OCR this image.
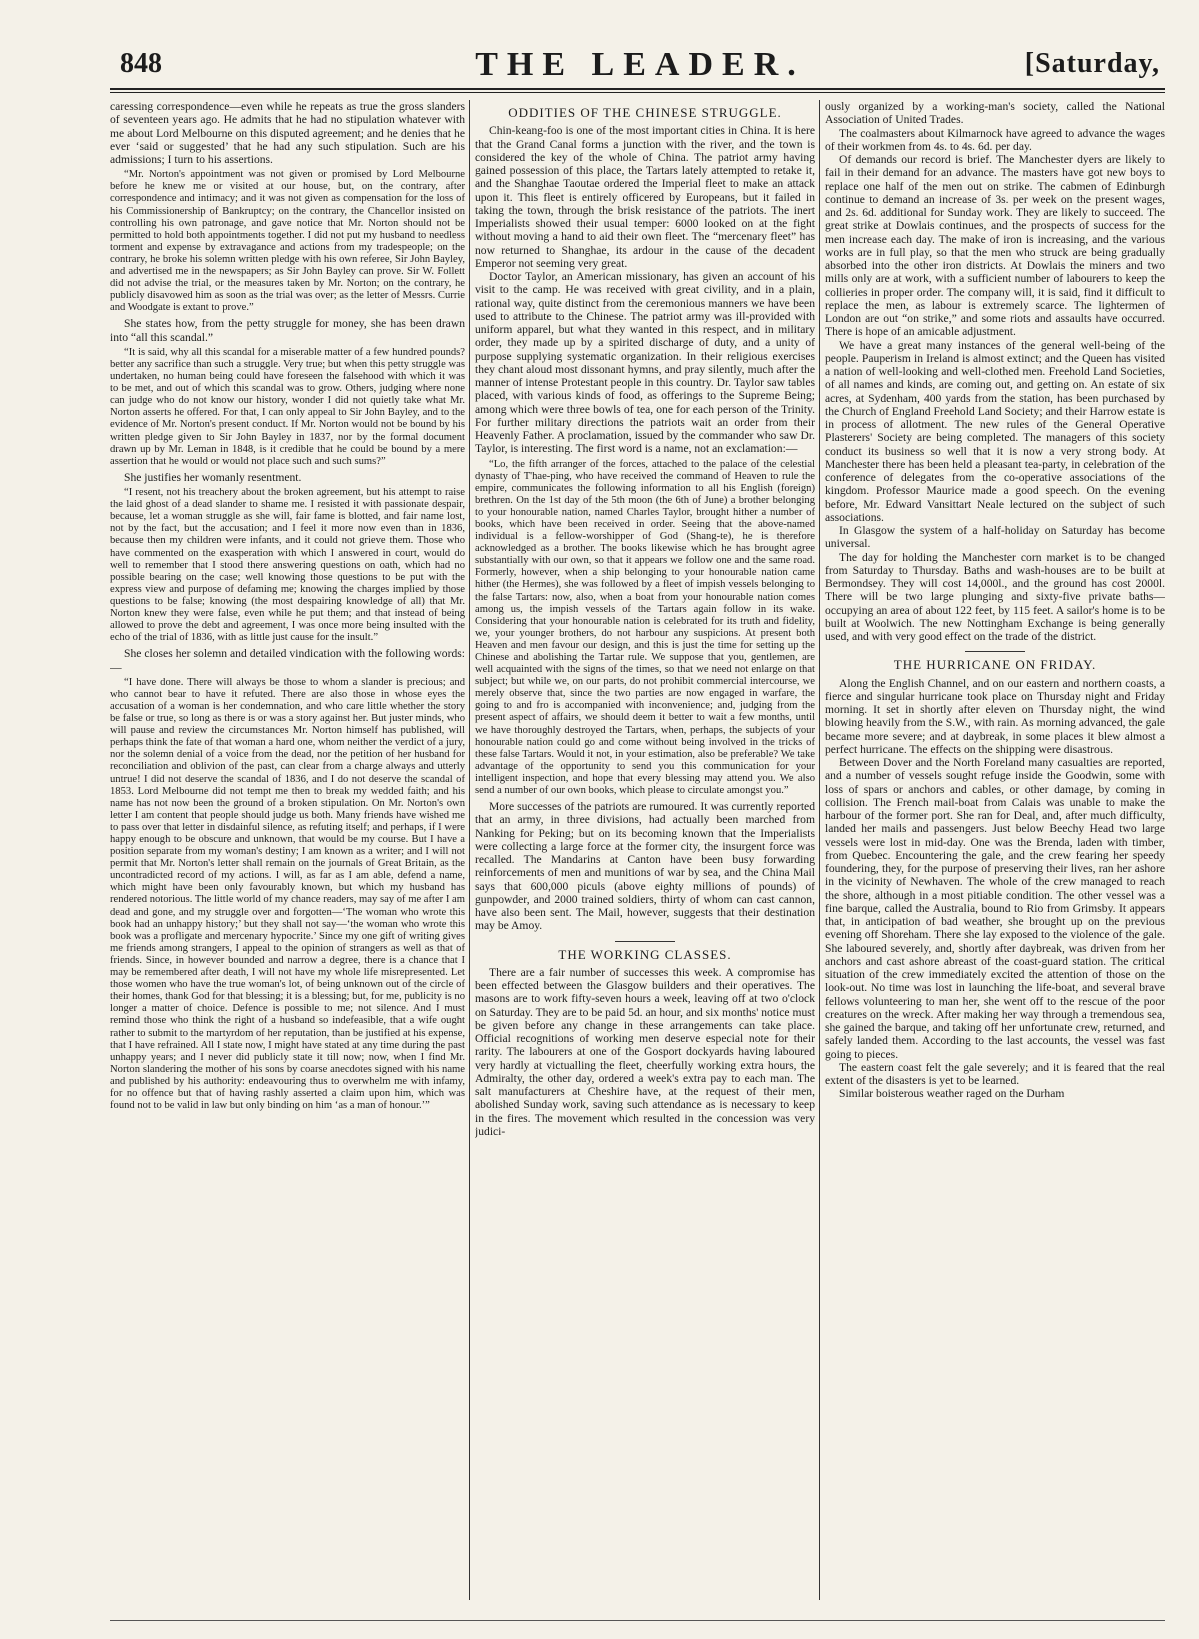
848	THE LEADER.	[Saturday,

caressing correspondence—even while he repeats as true the gross slanders of seventeen years ago. He admits that he had no stipulation whatever with me about Lord Melbourne on this disputed agreement; and he denies that he ever ‘said or suggested’ that he had any such stipulation. Such are his admissions; I turn to his assertions.

“Mr. Norton's appointment was not given or promised by Lord Melbourne before he knew me or visited at our house, but, on the contrary, after correspondence and intimacy; and it was not given as compensation for the loss of his Commissionership of Bankruptcy; on the contrary, the Chancellor insisted on controlling his own patronage, and gave notice that Mr. Norton should not be permitted to hold both appointments together. I did not put my husband to needless torment and expense by extravagance and actions from my tradespeople; on the contrary, he broke his solemn written pledge with his own referee, Sir John Bayley, and advertised me in the newspapers; as Sir John Bayley can prove. Sir W. Follett did not advise the trial, or the measures taken by Mr. Norton; on the contrary, he publicly disavowed him as soon as the trial was over; as the letter of Messrs. Currie and Woodgate is extant to prove.”

She states how, from the petty struggle for money, she has been drawn into “all this scandal.”

“It is said, why all this scandal for a miserable matter of a few hundred pounds? better any sacrifice than such a struggle. Very true; but when this petty struggle was undertaken, no human being could have foreseen the falsehood with which it was to be met, and out of which this scandal was to grow. Others, judging where none can judge who do not know our history, wonder I did not quietly take what Mr. Norton asserts he offered. For that, I can only appeal to Sir John Bayley, and to the evidence of Mr. Norton's present conduct. If Mr. Norton would not be bound by his written pledge given to Sir John Bayley in 1837, nor by the formal document drawn up by Mr. Leman in 1848, is it credible that he could be bound by a mere assertion that he would or would not place such and such sums?”

She justifies her womanly resentment.

“I resent, not his treachery about the broken agreement, but his attempt to raise the laid ghost of a dead slander to shame me. I resisted it with passionate despair, because, let a woman struggle as she will, fair fame is blotted, and fair name lost, not by the fact, but the accusation; and I feel it more now even than in 1836, because then my children were infants, and it could not grieve them. Those who have commented on the exasperation with which I answered in court, would do well to remember that I stood there answering questions on oath, which had no possible bearing on the case; well knowing those questions to be put with the express view and purpose of defaming me; knowing the charges implied by those questions to be false; knowing (the most despairing knowledge of all) that Mr. Norton knew they were false, even while he put them; and that instead of being allowed to prove the debt and agreement, I was once more being insulted with the echo of the trial of 1836, with as little just cause for the insult.”

She closes her solemn and detailed vindication with the following words:—

“I have done. There will always be those to whom a slander is precious; and who cannot bear to have it refuted. There are also those in whose eyes the accusation of a woman is her condemnation, and who care little whether the story be false or true, so long as there is or was a story against her. But juster minds, who will pause and review the circumstances Mr. Norton himself has published, will perhaps think the fate of that woman a hard one, whom neither the verdict of a jury, nor the solemn denial of a voice from the dead, nor the petition of her husband for reconciliation and oblivion of the past, can clear from a charge always and utterly untrue! I did not deserve the scandal of 1836, and I do not deserve the scandal of 1853. Lord Melbourne did not tempt me then to break my wedded faith; and his name has not now been the ground of a broken stipulation. On Mr. Norton's own letter I am content that people should judge us both. Many friends have wished me to pass over that letter in disdainful silence, as refuting itself; and perhaps, if I were happy enough to be obscure and unknown, that would be my course. But I have a position separate from my woman's destiny; I am known as a writer; and I will not permit that Mr. Norton's letter shall remain on the journals of Great Britain, as the uncontradicted record of my actions. I will, as far as I am able, defend a name, which might have been only favourably known, but which my husband has rendered notorious. The little world of my chance readers, may say of me after I am dead and gone, and my struggle over and forgotten—‘The woman who wrote this book had an unhappy history;’ but they shall not say—‘the woman who wrote this book was a profligate and mercenary hypocrite.’ Since my one gift of writing gives me friends among strangers, I appeal to the opinion of strangers as well as that of friends. Since, in however bounded and narrow a degree, there is a chance that I may be remembered after death, I will not have my whole life misrepresented. Let those women who have the true woman's lot, of being unknown out of the circle of their homes, thank God for that blessing; it is a blessing; but, for me, publicity is no longer a matter of choice. Defence is possible to me; not silence. And I must remind those who think the right of a husband so indefeasible, that a wife ought rather to submit to the martyrdom of her reputation, than be justified at his expense, that I have refrained. All I state now, I might have stated at any time during the past unhappy years; and I never did publicly state it till now; now, when I find Mr. Norton slandering the mother of his sons by coarse anecdotes signed with his name and published by his authority: endeavouring thus to overwhelm me with infamy, for no offence but that of having rashly asserted a claim upon him, which was found not to be valid in law but only binding on him ‘as a man of honour.’”

ODDITIES OF THE CHINESE STRUGGLE.

Chin-keang-foo is one of the most important cities in China. It is here that the Grand Canal forms a junction with the river, and the town is considered the key of the whole of China. The patriot army having gained possession of this place, the Tartars lately attempted to retake it, and the Shanghae Taoutae ordered the Imperial fleet to make an attack upon it. This fleet is entirely officered by Europeans, but it failed in taking the town, through the brisk resistance of the patriots. The inert Imperialists showed their usual temper: 6000 looked on at the fight without moving a hand to aid their own fleet. The “mercenary fleet” has now returned to Shanghae, its ardour in the cause of the decadent Emperor not seeming very great.

Doctor Taylor, an American missionary, has given an account of his visit to the camp. He was received with great civility, and in a plain, rational way, quite distinct from the ceremonious manners we have been used to attribute to the Chinese. The patriot army was ill-provided with uniform apparel, but what they wanted in this respect, and in military order, they made up by a spirited discharge of duty, and a unity of purpose supplying systematic organization. In their religious exercises they chant aloud most dissonant hymns, and pray silently, much after the manner of intense Protestant people in this country. Dr. Taylor saw tables placed, with various kinds of food, as offerings to the Supreme Being; among which were three bowls of tea, one for each person of the Trinity. For further military directions the patriots wait an order from their Heavenly Father. A proclamation, issued by the commander who saw Dr. Taylor, is interesting. The first word is a name, not an exclamation:—

“Lo, the fifth arranger of the forces, attached to the palace of the celestial dynasty of T'hae-ping, who have received the command of Heaven to rule the empire, communicates the following information to all his English (foreign) brethren. On the 1st day of the 5th moon (the 6th of June) a brother belonging to your honourable nation, named Charles Taylor, brought hither a number of books, which have been received in order. Seeing that the above-named individual is a fellow-worshipper of God (Shang-te), he is therefore acknowledged as a brother. The books likewise which he has brought agree substantially with our own, so that it appears we follow one and the same road. Formerly, however, when a ship belonging to your honourable nation came hither (the Hermes), she was followed by a fleet of impish vessels belonging to the false Tartars: now, also, when a boat from your honourable nation comes among us, the impish vessels of the Tartars again follow in its wake. Considering that your honourable nation is celebrated for its truth and fidelity, we, your younger brothers, do not harbour any suspicions. At present both Heaven and men favour our design, and this is just the time for setting up the Chinese and abolishing the Tartar rule. We suppose that you, gentlemen, are well acquainted with the signs of the times, so that we need not enlarge on that subject; but while we, on our parts, do not prohibit commercial intercourse, we merely observe that, since the two parties are now engaged in warfare, the going to and fro is accompanied with inconvenience; and, judging from the present aspect of affairs, we should deem it better to wait a few months, until we have thoroughly destroyed the Tartars, when, perhaps, the subjects of your honourable nation could go and come without being involved in the tricks of these false Tartars. Would it not, in your estimation, also be preferable? We take advantage of the opportunity to send you this communication for your intelligent inspection, and hope that every blessing may attend you. We also send a number of our own books, which please to circulate amongst you.”

More successes of the patriots are rumoured. It was currently reported that an army, in three divisions, had actually been marched from Nanking for Peking; but on its becoming known that the Imperialists were collecting a large force at the former city, the insurgent force was recalled. The Mandarins at Canton have been busy forwarding reinforcements of men and munitions of war by sea, and the China Mail says that 600,000 piculs (above eighty millions of pounds) of gunpowder, and 2000 trained soldiers, thirty of whom can cast cannon, have also been sent. The Mail, however, suggests that their destination may be Amoy.

THE WORKING CLASSES.

There are a fair number of successes this week. A compromise has been effected between the Glasgow builders and their operatives. The masons are to work fifty-seven hours a week, leaving off at two o'clock on Saturday. They are to be paid 5d. an hour, and six months' notice must be given before any change in these arrangements can take place. Official recognitions of working men deserve especial note for their rarity. The labourers at one of the Gosport dockyards having laboured very hardly at victualling the fleet, cheerfully working extra hours, the Admiralty, the other day, ordered a week's extra pay to each man. The salt manufacturers at Cheshire have, at the request of their men, abolished Sunday work, saving such attendance as is necessary to keep in the fires. The movement which resulted in the concession was very judici-

ously organized by a working-man's society, called the National Association of United Trades.

The coalmasters about Kilmarnock have agreed to advance the wages of their workmen from 4s. to 4s. 6d. per day.

Of demands our record is brief. The Manchester dyers are likely to fail in their demand for an advance. The masters have got new boys to replace one half of the men out on strike. The cabmen of Edinburgh continue to demand an increase of 3s. per week on the present wages, and 2s. 6d. additional for Sunday work. They are likely to succeed. The great strike at Dowlais continues, and the prospects of success for the men increase each day. The make of iron is increasing, and the various works are in full play, so that the men who struck are being gradually absorbed into the other iron districts. At Dowlais the miners and two mills only are at work, with a sufficient number of labourers to keep the collieries in proper order. The company will, it is said, find it difficult to replace the men, as labour is extremely scarce. The lightermen of London are out “on strike,” and some riots and assaults have occurred. There is hope of an amicable adjustment.

We have a great many instances of the general well-being of the people. Pauperism in Ireland is almost extinct; and the Queen has visited a nation of well-looking and well-clothed men. Freehold Land Societies, of all names and kinds, are coming out, and getting on. An estate of six acres, at Sydenham, 400 yards from the station, has been purchased by the Church of England Freehold Land Society; and their Harrow estate is in process of allotment. The new rules of the General Operative Plasterers' Society are being completed. The managers of this society conduct its business so well that it is now a very strong body. At Manchester there has been held a pleasant tea-party, in celebration of the conference of delegates from the co-operative associations of the kingdom. Professor Maurice made a good speech. On the evening before, Mr. Edward Vansittart Neale lectured on the subject of such associations.

In Glasgow the system of a half-holiday on Saturday has become universal.

The day for holding the Manchester corn market is to be changed from Saturday to Thursday. Baths and wash-houses are to be built at Bermondsey. They will cost 14,000l., and the ground has cost 2000l. There will be two large plunging and sixty-five private baths—occupying an area of about 122 feet, by 115 feet. A sailor's home is to be built at Woolwich. The new Nottingham Exchange is being generally used, and with very good effect on the trade of the district.

THE HURRICANE ON FRIDAY.

Along the English Channel, and on our eastern and northern coasts, a fierce and singular hurricane took place on Thursday night and Friday morning. It set in shortly after eleven on Thursday night, the wind blowing heavily from the S.W., with rain. As morning advanced, the gale became more severe; and at daybreak, in some places it blew almost a perfect hurricane. The effects on the shipping were disastrous.

Between Dover and the North Foreland many casualties are reported, and a number of vessels sought refuge inside the Goodwin, some with loss of spars or anchors and cables, or other damage, by coming in collision. The French mail-boat from Calais was unable to make the harbour of the former port. She ran for Deal, and, after much difficulty, landed her mails and passengers. Just below Beechy Head two large vessels were lost in mid-day. One was the Brenda, laden with timber, from Quebec. Encountering the gale, and the crew fearing her speedy foundering, they, for the purpose of preserving their lives, ran her ashore in the vicinity of Newhaven. The whole of the crew managed to reach the shore, although in a most pitiable condition. The other vessel was a fine barque, called the Australia, bound to Rio from Grimsby. It appears that, in anticipation of bad weather, she brought up on the previous evening off Shoreham. There she lay exposed to the violence of the gale. She laboured severely, and, shortly after daybreak, was driven from her anchors and cast ashore abreast of the coast-guard station. The critical situation of the crew immediately excited the attention of those on the look-out. No time was lost in launching the life-boat, and several brave fellows volunteering to man her, she went off to the rescue of the poor creatures on the wreck. After making her way through a tremendous sea, she gained the barque, and taking off her unfortunate crew, returned, and safely landed them. According to the last accounts, the vessel was fast going to pieces.

The eastern coast felt the gale severely; and it is feared that the real extent of the disasters is yet to be learned.

Similar boisterous weather raged on the Durham
